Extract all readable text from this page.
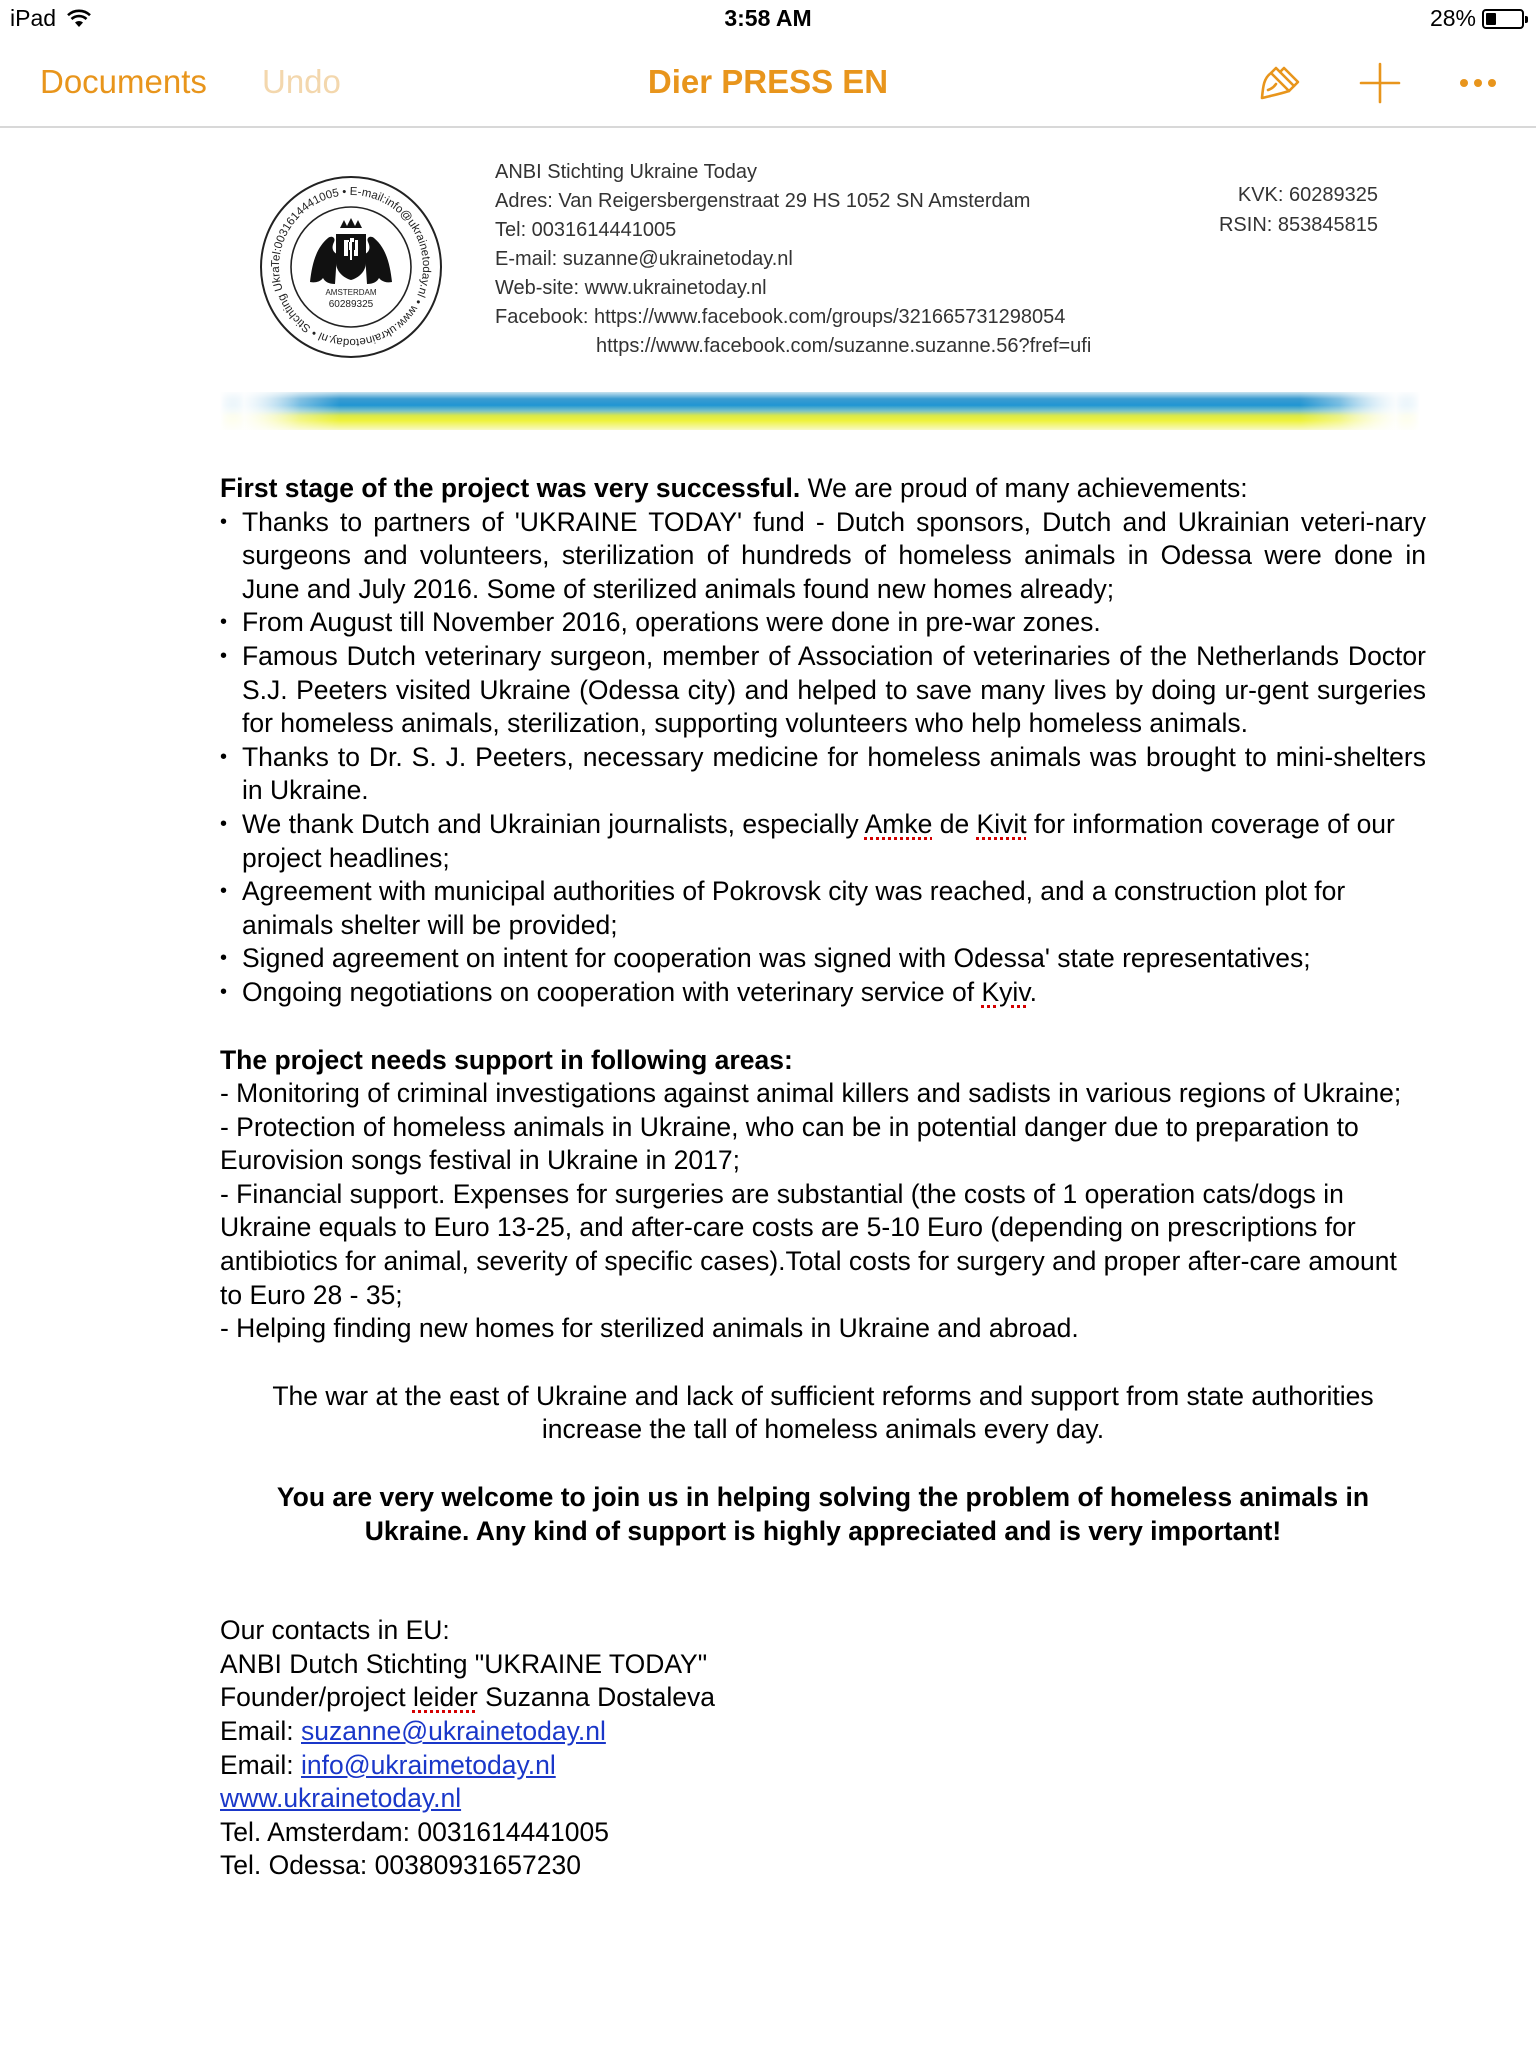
iPad	3:58 AM	28%
Documents Undo	Dier PRESS EN
Tel:0031614441005 • E-mail:info@ukrainetoday.nl • www.ukrainetoday.nl • Stichting Ukra
AMSTERDAM
60289325
ANBI Stichting Ukraine Today
Adres: Van Reigersbergenstraat 29 HS 1052 SN Amsterdam
Tel: 0031614441005
E-mail: suzanne@ukrainetoday.nl
Web-site: www.ukrainetoday.nl
Facebook: https://www.facebook.com/groups/321665731298054
https://www.facebook.com/suzanne.suzanne.56?fref=ufi
KVK: 60289325
RSIN: 853845815

First stage of the project was very successful. We are proud of many achievements:

• Thanks to partners of 'UKRAINE TODAY' fund - Dutch sponsors, Dutch and Ukrainian veteri-nary surgeons and volunteers, sterilization of hundreds of homeless animals in Odessa were done in June and July 2016. Some of sterilized animals found new homes already;
• From August till November 2016, operations were done in pre-war zones.
• Famous Dutch veterinary surgeon, member of Association of veterinaries of the Netherlands Doctor S.J. Peeters visited Ukraine (Odessa city) and helped to save many lives by doing ur-gent surgeries for homeless animals, sterilization, supporting volunteers who help homeless animals.
• Thanks to Dr. S. J. Peeters, necessary medicine for homeless animals was brought to mini-shelters in Ukraine.
• We thank Dutch and Ukrainian journalists, especially Amke de Kivit for information coverage of our project headlines;
• Agreement with municipal authorities of Pokrovsk city was reached, and a construction plot for animals shelter will be provided;
• Signed agreement on intent for cooperation was signed with Odessa' state representatives;
• Ongoing negotiations on cooperation with veterinary service of Kyiv.

The project needs support in following areas:

- Monitoring of criminal investigations against animal killers and sadists in various regions of Ukraine;

- Protection of homeless animals in Ukraine, who can be in potential danger due to preparation to Eurovision songs festival in Ukraine in 2017;

- Financial support. Expenses for surgeries are substantial (the costs of 1 operation cats/dogs in Ukraine equals to Euro 13-25, and after-care costs are 5-10 Euro (depending on prescriptions for antibiotics for animal, severity of specific cases).Total costs for surgery and proper after-care amount to Euro 28 - 35;

- Helping finding new homes for sterilized animals in Ukraine and abroad.

The war at the east of Ukraine and lack of sufficient reforms and support from state authorities
increase the tall of homeless animals every day.

You are very welcome to join us in helping solving the problem of homeless animals in
Ukraine. Any kind of support is highly appreciated and is very important!

Our contacts in EU:

ANBI Dutch Stichting "UKRAINE TODAY"

Founder/project leider Suzanna Dostaleva

Email: suzanne@ukrainetoday.nl

Email: info@ukraimetoday.nl

www.ukrainetoday.nl

Tel. Amsterdam: 0031614441005

Tel. Odessa: 00380931657230
